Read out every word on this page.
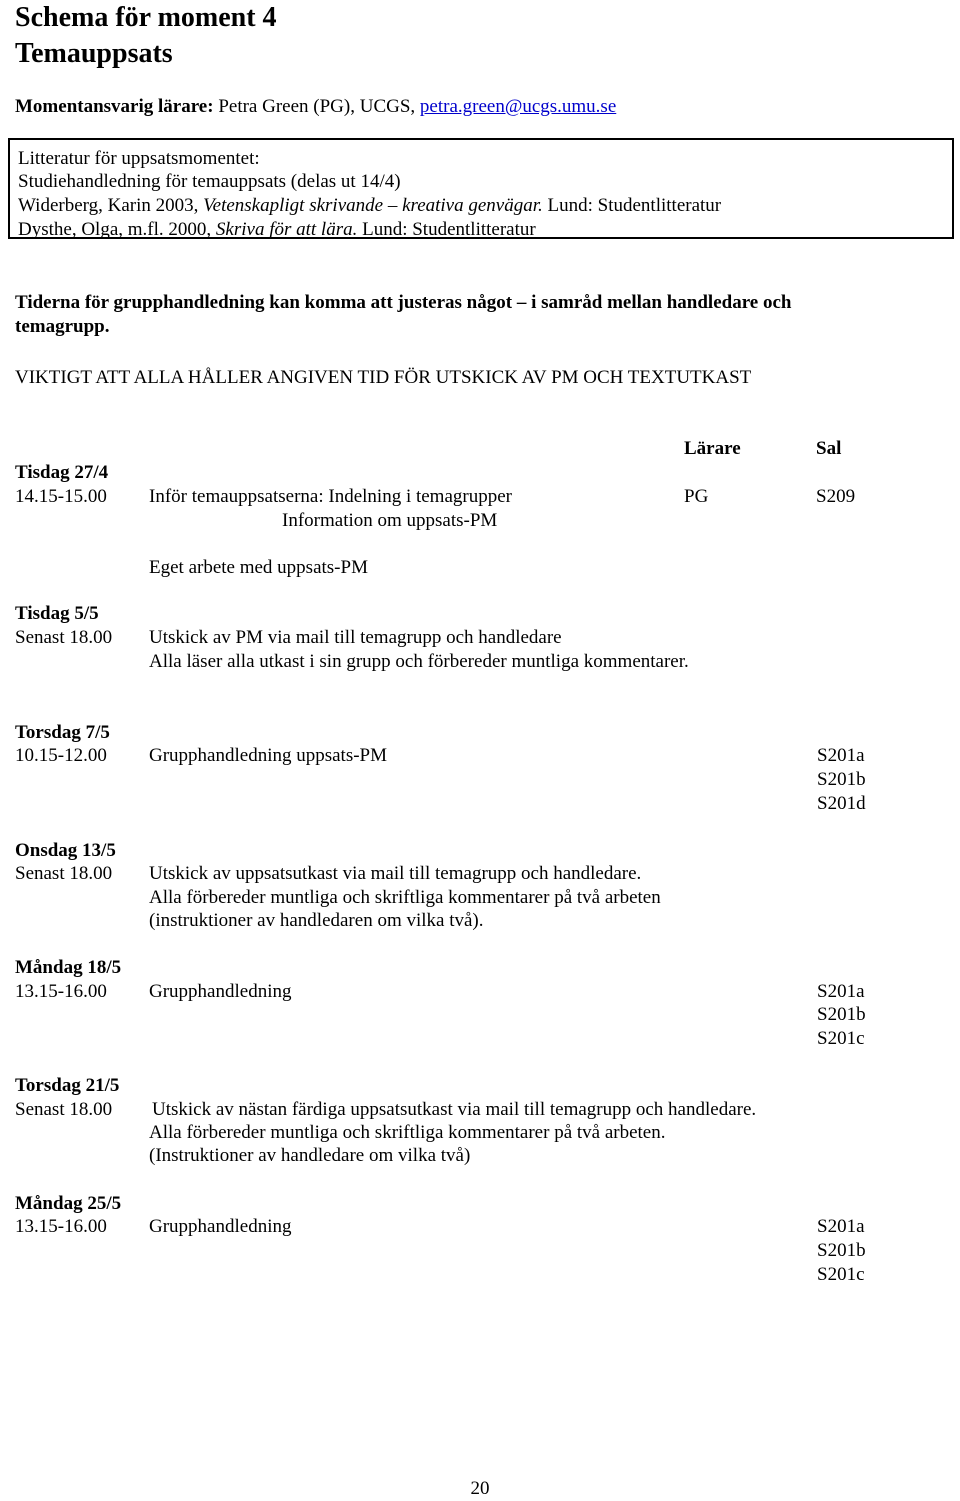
Schema för moment 4
Temauppsats
Momentansvarig lärare: Petra Green (PG), UCGS, petra.green@ucgs.umu.se
Litteratur för uppsatsmomentet:
Studiehandledning för temauppsats (delas ut 14/4)
Widerberg, Karin 2003, Vetenskapligt skrivande – kreativa genvägar. Lund: Studentlitteratur
Dysthe, Olga, m.fl. 2000, Skriva för att lära. Lund: Studentlitteratur
Tiderna för grupphandledning kan komma att justeras något – i samråd mellan handledare och
temagrupp.
VIKTIGT ATT ALLA HÅLLER ANGIVEN TID FÖR UTSKICK AV PM OCH TEXTUTKAST
Lärare	Sal
Tisdag 27/4
14.15-15.00 Inför temauppsatserna: Indelning i temagrupper	PG	S209
Information om uppsats-PM
Eget arbete med uppsats-PM
Tisdag 5/5
Senast 18.00 Utskick av PM via mail till temagrupp och handledare
Alla läser alla utkast i sin grupp och förbereder muntliga kommentarer.
Torsdag 7/5
10.15-12.00 Grupphandledning uppsats-PM	S201a
S201b
S201d
Onsdag 13/5
Senast 18.00 Utskick av uppsatsutkast via mail till temagrupp och handledare.
Alla förbereder muntliga och skriftliga kommentarer på två arbeten
(instruktioner av handledaren om vilka två).
Måndag 18/5
13.15-16.00 Grupphandledning	S201a
S201b
S201c
Torsdag 21/5
Senast 18.00 Utskick av nästan färdiga uppsatsutkast via mail till temagrupp och handledare.
Alla förbereder muntliga och skriftliga kommentarer på två arbeten.
(Instruktioner av handledare om vilka två)
Måndag 25/5
13.15-16.00 Grupphandledning	S201a
S201b
S201c
20
